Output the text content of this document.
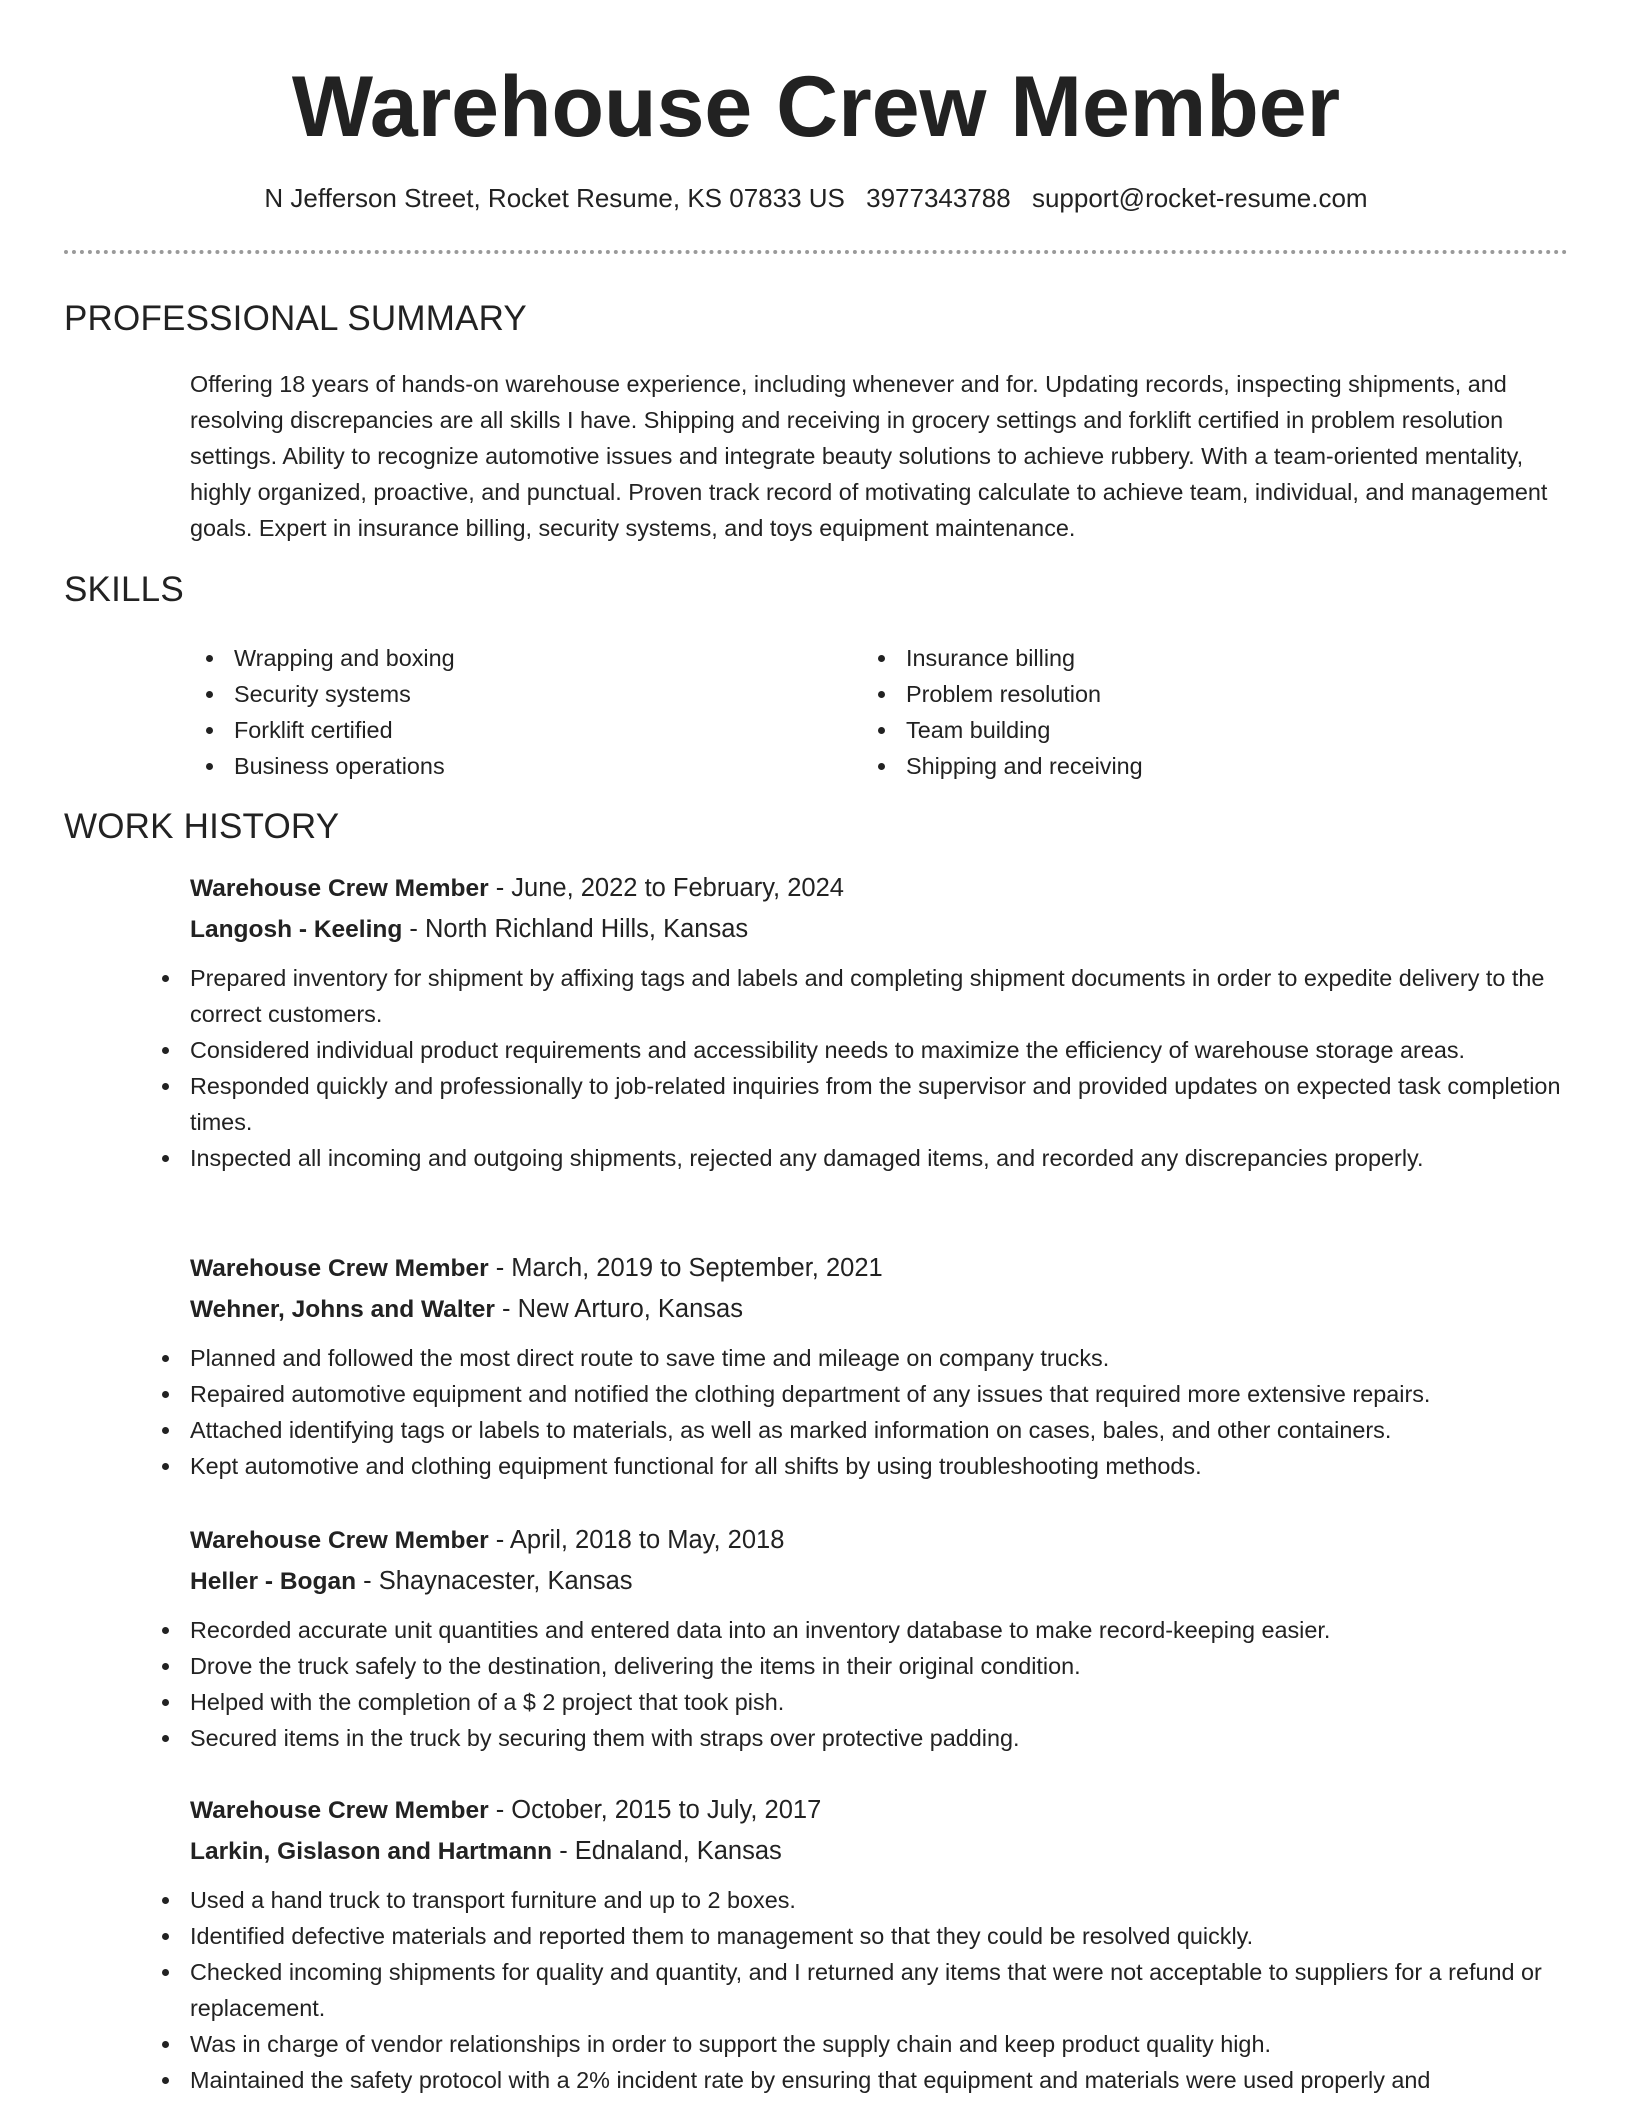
Warehouse Crew Member
N Jefferson Street, Rocket Resume, KS 07833 US 3977343788 support@rocket-resume.com
PROFESSIONAL SUMMARY

Offering 18 years of hands-on warehouse experience, including whenever and for. Updating records, inspecting shipments, and resolving discrepancies are all skills I have. Shipping and receiving in grocery settings and forklift certified in problem resolution settings. Ability to recognize automotive issues and integrate beauty solutions to achieve rubbery. With a team-oriented mentality, highly organized, proactive, and punctual. Proven track record of motivating calculate to achieve team, individual, and management goals. Expert in insurance billing, security systems, and toys equipment maintenance.

SKILLS
Wrapping and boxing
Security systems
Forklift certified
Business operations
Insurance billing
Problem resolution
Team building
Shipping and receiving
WORK HISTORY

Warehouse Crew Member - June, 2022 to February, 2024

Langosh - Keeling - North Richland Hills, Kansas

Prepared inventory for shipment by affixing tags and labels and completing shipment documents in order to expedite delivery to the correct customers.
Considered individual product requirements and accessibility needs to maximize the efficiency of warehouse storage areas.
Responded quickly and professionally to job-related inquiries from the supervisor and provided updates on expected task completion times.
Inspected all incoming and outgoing shipments, rejected any damaged items, and recorded any discrepancies properly.

Warehouse Crew Member - March, 2019 to September, 2021

Wehner, Johns and Walter - New Arturo, Kansas

Planned and followed the most direct route to save time and mileage on company trucks.
Repaired automotive equipment and notified the clothing department of any issues that required more extensive repairs.
Attached identifying tags or labels to materials, as well as marked information on cases, bales, and other containers.
Kept automotive and clothing equipment functional for all shifts by using troubleshooting methods.

Warehouse Crew Member - April, 2018 to May, 2018

Heller - Bogan - Shaynacester, Kansas

Recorded accurate unit quantities and entered data into an inventory database to make record-keeping easier.
Drove the truck safely to the destination, delivering the items in their original condition.
Helped with the completion of a $ 2 project that took pish.
Secured items in the truck by securing them with straps over protective padding.

Warehouse Crew Member - October, 2015 to July, 2017

Larkin, Gislason and Hartmann - Ednaland, Kansas

Used a hand truck to transport furniture and up to 2 boxes.
Identified defective materials and reported them to management so that they could be resolved quickly.
Checked incoming shipments for quality and quantity, and I returned any items that were not acceptable to suppliers for a refund or replacement.
Was in charge of vendor relationships in order to support the supply chain and keep product quality high.
Maintained the safety protocol with a 2% incident rate by ensuring that equipment and materials were used properly and
